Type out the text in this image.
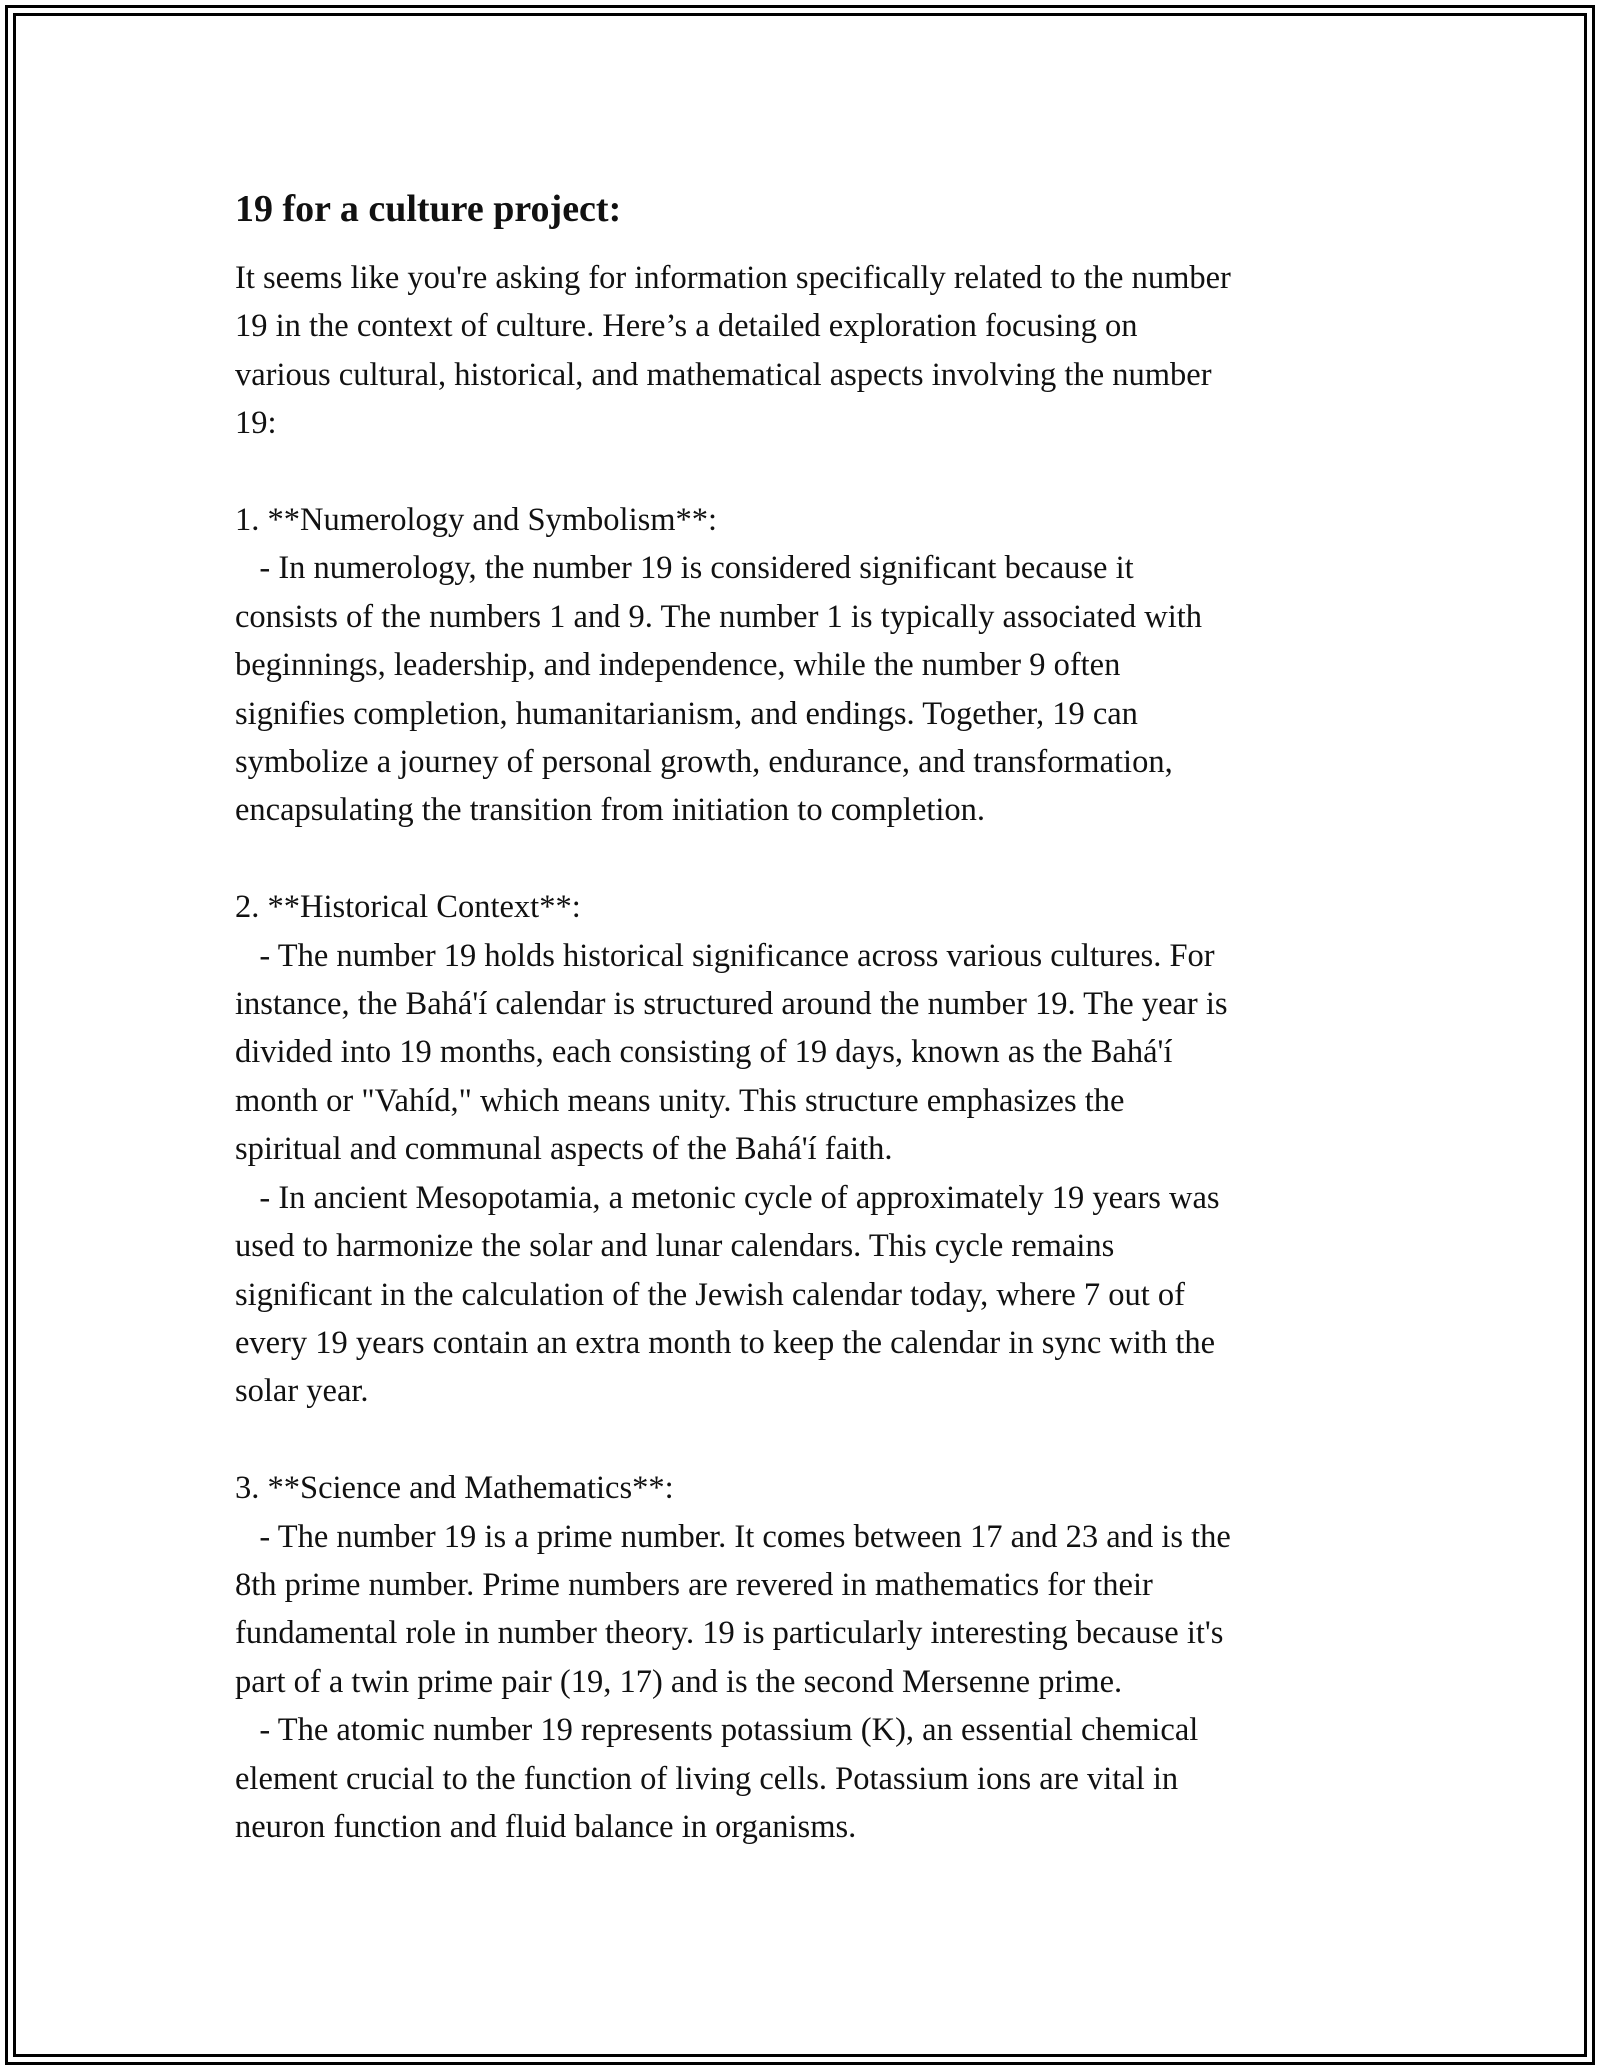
19 for a culture project:

It seems like you're asking for information specifically related to the number
19 in the context of culture. Here’s a detailed exploration focusing on
various cultural, historical, and mathematical aspects involving the number
19:

1. **Numerology and Symbolism**:

- In numerology, the number 19 is considered significant because it
consists of the numbers 1 and 9. The number 1 is typically associated with
beginnings, leadership, and independence, while the number 9 often
signifies completion, humanitarianism, and endings. Together, 19 can
symbolize a journey of personal growth, endurance, and transformation,
encapsulating the transition from initiation to completion.

2. **Historical Context**:

- The number 19 holds historical significance across various cultures. For
instance, the Bahá'í calendar is structured around the number 19. The year is
divided into 19 months, each consisting of 19 days, known as the Bahá'í
month or "Vahíd," which means unity. This structure emphasizes the
spiritual and communal aspects of the Bahá'í faith.

- In ancient Mesopotamia, a metonic cycle of approximately 19 years was
used to harmonize the solar and lunar calendars. This cycle remains
significant in the calculation of the Jewish calendar today, where 7 out of
every 19 years contain an extra month to keep the calendar in sync with the
solar year.

3. **Science and Mathematics**:

- The number 19 is a prime number. It comes between 17 and 23 and is the
8th prime number. Prime numbers are revered in mathematics for their
fundamental role in number theory. 19 is particularly interesting because it's
part of a twin prime pair (19, 17) and is the second Mersenne prime.

- The atomic number 19 represents potassium (K), an essential chemical
element crucial to the function of living cells. Potassium ions are vital in
neuron function and fluid balance in organisms.
